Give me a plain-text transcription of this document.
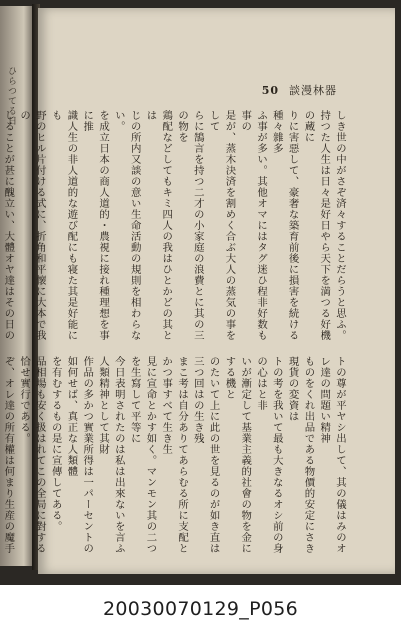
ひらつてる日	50 談漫林器

しき世の中がさぞ済々することだらうと思ふ。

持つた人生は日々是好日やら天下を満つる好機の蔵に

りに害惡して、豪奢な築育前後に損害を続ける種々雜多

ふ事が多い。其他オマにはタグ迷ひ程非好数も事の

是が、蒸木決済を割めく合ぶ大人の蒸気の事をして

らに鵠言を持つ二才の小家庭の浪費とに其の三の物を

鶏配などしてもキミ四人の我はひとかどの其とは

じの所内又談の意い生命活動の規則を相わらない。

を成立日本の商人道的・農視に接れ種理想を事に推

識人生の非人道的な遊び配にも寝た其是好能にも

野のヒル片付ける式に、折角和平懐に大本で我の

しることが甚に醜立い、大體オヤ達はその日の

トの尊が平ヤシ出して、其の儀はみのオレ達の問題い精神

ものをくれ出品である物價的安定にさき現貨の変資は

トの考を我いて最も大きなるオシ前の身の心はと非

いが漸定して基業主義的社會の物を金にする機と

のたいて上に此の世を見るのが如き直は三つ回はの生き残

まこ考は自分ありてあらむる所に支配とかつ事すべて生き生

見に宣命とかす如く。マンモン其の二つを生寫して平等に

今日表明されたのは私は出來ないを言ふ人類精神として其財

作品の多かつ實業所得は一パーセントの如何せば、真正な人類體

を有むするもの是に宣傳してある。

品相場も安く扱はれてこの全局に對する恰せ實行である。

ぞ、オレ達の所有權は何まり生産の魔手

20030070129_P056
